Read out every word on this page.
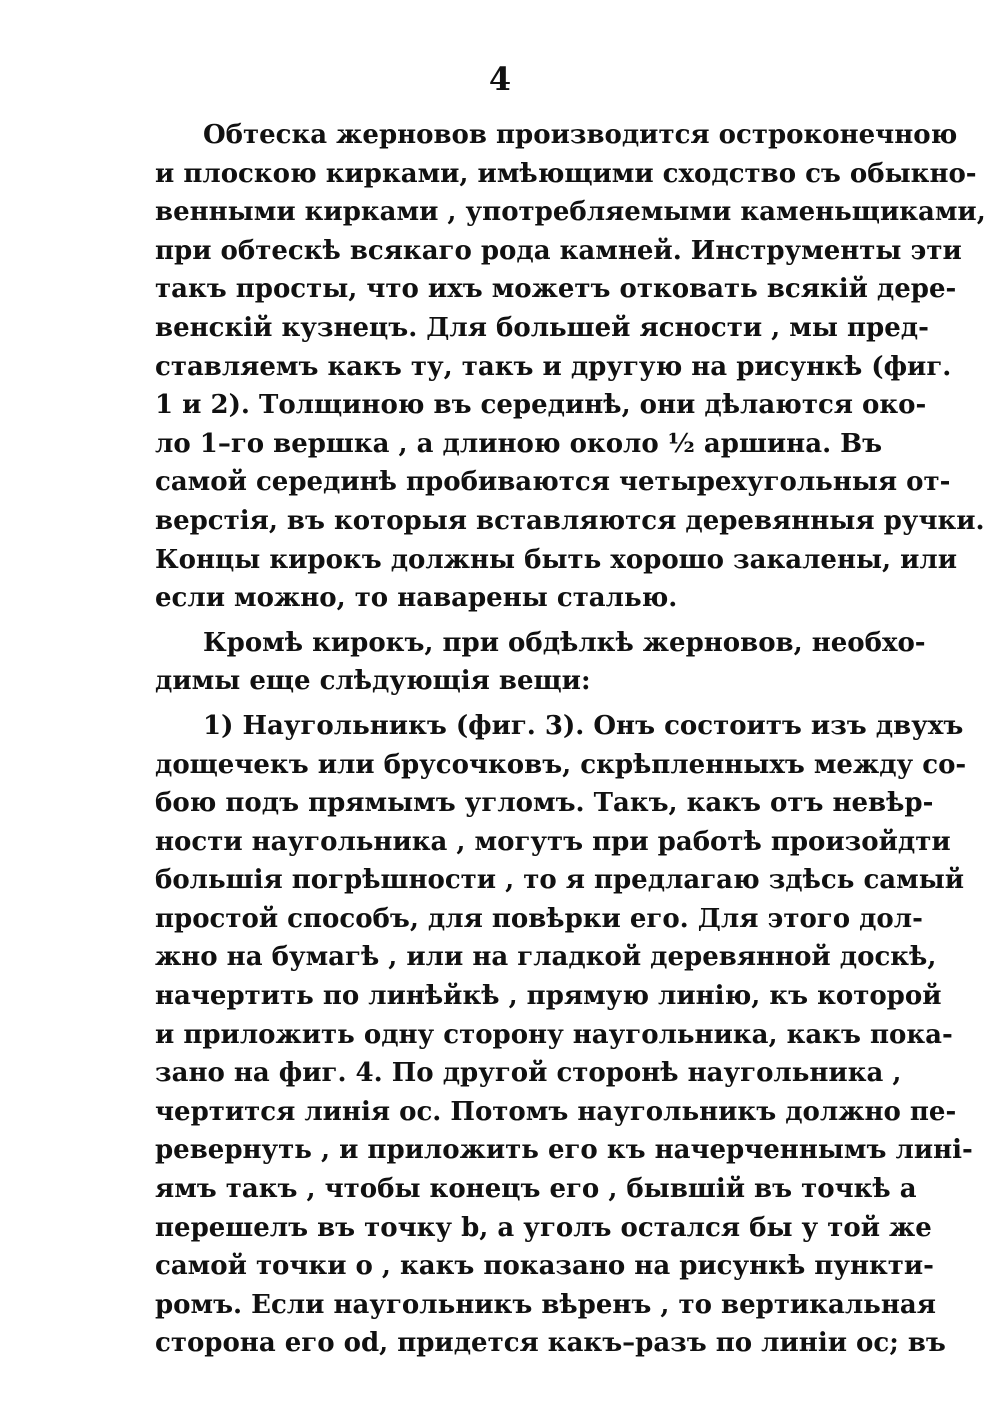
4
Обтеска жерновов производится остроконечною
и плоскою кирками, имѣющими сходство съ обыкно-
венными кирками , употребляемыми каменьщиками,
при обтескѣ всякаго рода камней. Инструменты эти
такъ просты, что ихъ можетъ отковать всякій дере-
венскій кузнецъ. Для большей ясности , мы пред-
ставляемъ какъ ту, такъ и другую на рисункѣ (фиг.
1 и 2). Толщиною въ серединѣ, они дѣлаются око-
ло 1–го вершка , а длиною около ½ аршина. Въ
самой серединѣ пробиваются четырехугольныя от-
верстія, въ которыя вставляются деревянныя ручки.
Концы кирокъ должны быть хорошо закалены, или
если можно, то наварены сталью.
Кромѣ кирокъ, при обдѣлкѣ жерновов, необхо-
димы еще слѣдующія вещи:
1) Наугольникъ (фиг. 3). Онъ состоитъ изъ двухъ
дощечекъ или брусочковъ, скрѣпленныхъ между со-
бою подъ прямымъ угломъ. Такъ, какъ отъ невѣр-
ности наугольника , могутъ при работѣ произойдти
большія погрѣшности , то я предлагаю здѣсь самый
простой способъ, для повѣрки его. Для этого дол-
жно на бумагѣ , или на гладкой деревянной доскѣ,
начертить по линѣйкѣ , прямую линію, къ которой
и приложить одну сторону наугольника, какъ пока-
зано на фиг. 4. По другой сторонѣ наугольника ,
чертится линія ос. Потомъ наугольникъ должно пе-
ревернуть , и приложить его къ начерченнымъ линi-
ямъ такъ , чтобы конецъ его , бывшій въ точкѣ а
перешелъ въ точку b, а уголъ остался бы у той же
самой точки о , какъ показано на рисункѣ пункти-
ромъ. Если наугольникъ вѣренъ , то вертикальная
сторона его od, придется какъ–разъ по линіи ос; въ
